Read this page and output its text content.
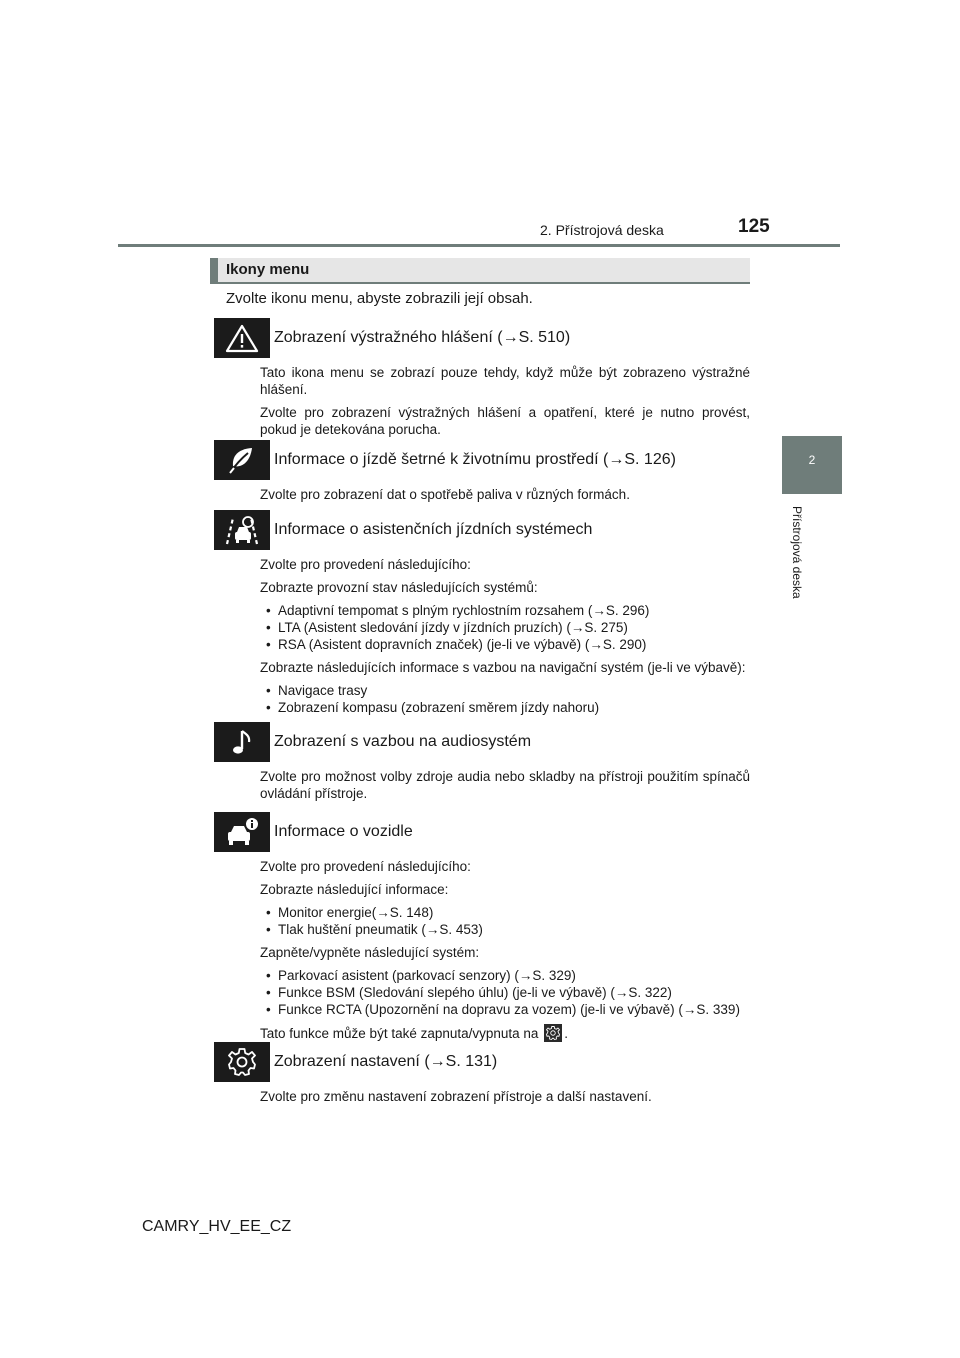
2. Přístrojová deska	125
2
Přístrojová deska
Ikony menu
Zvolte ikonu menu, abyste zobrazili její obsah.
Zobrazení výstražného hlášení (→S. 510)

Tato ikona menu se zobrazí pouze tehdy, když může být zobrazeno výstražné hlášení.

Zvolte pro zobrazení výstražných hlášení a opatření, které je nutno provést, pokud je detekována porucha.

Informace o jízdě šetrné k životnímu prostředí (→S. 126)

Zvolte pro zobrazení dat o spotřebě paliva v různých formách.

Informace o asistenčních jízdních systémech

Zvolte pro provedení následujícího:

Zobrazte provozní stav následujících systémů:

• Adaptivní tempomat s plným rychlostním rozsahem (→S. 296)
• LTA (Asistent sledování jízdy v jízdních pruzích) (→S. 275)
• RSA (Asistent dopravních značek) (je-li ve výbavě) (→S. 290)

Zobrazte následujících informace s vazbou na navigační systém (je-li ve výbavě):

• Navigace trasy
• Zobrazení kompasu (zobrazení směrem jízdy nahoru)
Zobrazení s vazbou na audiosystém

Zvolte pro možnost volby zdroje audia nebo skladby na přístroji použitím spínačů ovládání přístroje.

Informace o vozidle

Zvolte pro provedení následujícího:

Zobrazte následující informace:

• Monitor energie(→S. 148)
• Tlak huštění pneumatik (→S. 453)

Zapněte/vypněte následující systém:

• Parkovací asistent (parkovací senzory) (→S. 329)
• Funkce BSM (Sledování slepého úhlu) (je-li ve výbavě) (→S. 322)
• Funkce RCTA (Upozornění na dopravu za vozem) (je-li ve výbavě) (→S. 339)

Tato funkce může být také zapnuta/vypnuta na .

Zobrazení nastavení (→S. 131)

Zvolte pro změnu nastavení zobrazení přístroje a další nastavení.

CAMRY_HV_EE_CZ
